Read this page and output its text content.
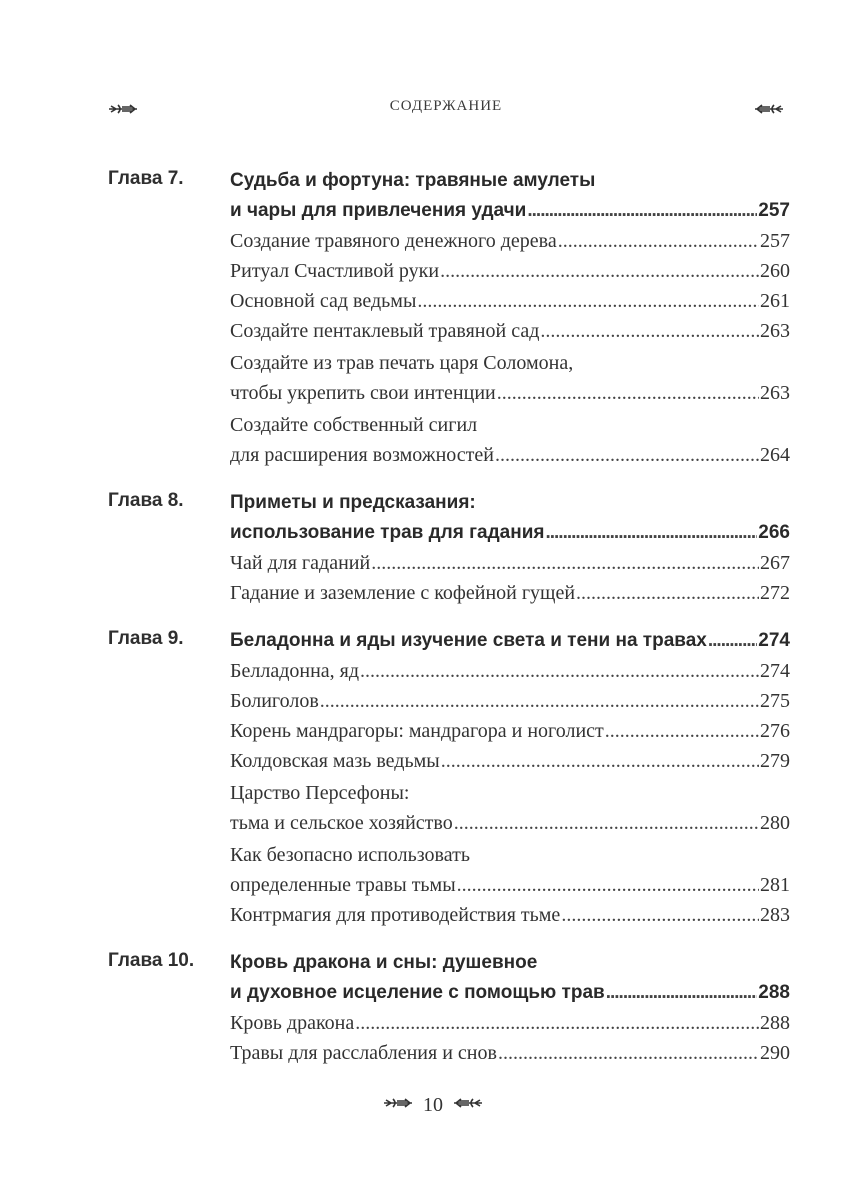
СОДЕРЖАНИЕ
Глава 7.	Судьба и фортуна: травяные амулеты
и чары для привлечения удачи .....	257
Создание травяного денежного дерева .....	257
Ритуал Счастливой руки .....	260
Основной сад ведьмы .....	261
Создайте пентаклевый травяной сад .....	263
Создайте из трав печать царя Соломона,
чтобы укрепить свои интенции .....	263
Создайте собственный сигил
для расширения возможностей .....	264
Глава 8.	Приметы и предсказания:
использование трав для гадания .....	266
Чай для гаданий .....	267
Гадание и заземление с кофейной гущей .....	272
Глава 9.	Беладонна и яды изучение света и тени на травах .....	274
Белладонна, яд .....	274
Болиголов .....	275
Корень мандрагоры: мандрагора и ноголист .....	276
Колдовская мазь ведьмы .....	279
Царство Персефоны:
тьма и сельское хозяйство .....	280
Как безопасно использовать
определенные травы тьмы .....	281
Контрмагия для противодействия тьме .....	283
Глава 10.	Кровь дракона и сны: душевное
и духовное исцеление с помощью трав .....	288
Кровь дракона .....	288
Травы для расслабления и снов .....	290
10
